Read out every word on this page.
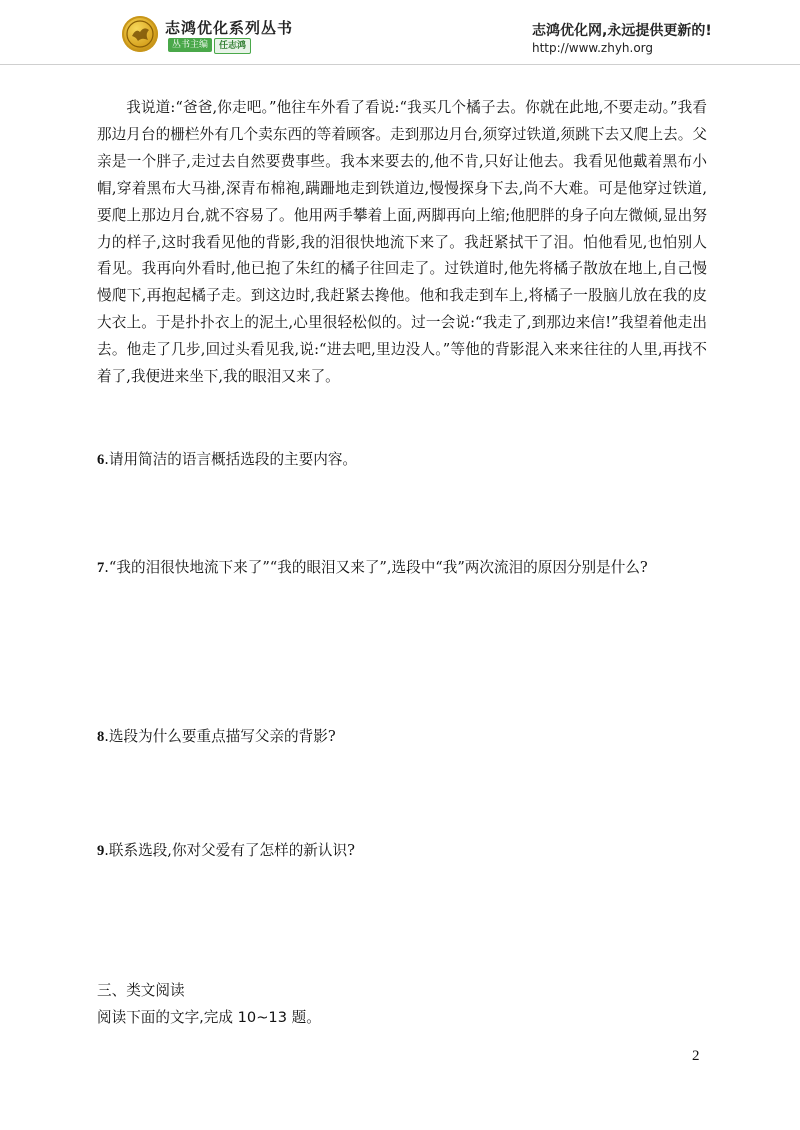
志鸿优化系列丛书
丛书主编 任志鸿
志鸿优化网,永远提供更新的!
http://www.zhyh.org

我说道:“爸爸,你走吧。”他往车外看了看说:“我买几个橘子去。你就在此地,不要走动。”我看那边月台的栅栏外有几个卖东西的等着顾客。走到那边月台,须穿过铁道,须跳下去又爬上去。父亲是一个胖子,走过去自然要费事些。我本来要去的,他不肯,只好让他去。我看见他戴着黑布小帽,穿着黑布大马褂,深青布棉袍,蹒跚地走到铁道边,慢慢探身下去,尚不大难。可是他穿过铁道,要爬上那边月台,就不容易了。他用两手攀着上面,两脚再向上缩;他肥胖的身子向左微倾,显出努力的样子,这时我看见他的背影,我的泪很快地流下来了。我赶紧拭干了泪。怕他看见,也怕别人看见。我再向外看时,他已抱了朱红的橘子往回走了。过铁道时,他先将橘子散放在地上,自己慢慢爬下,再抱起橘子走。到这边时,我赶紧去搀他。他和我走到车上,将橘子一股脑儿放在我的皮大衣上。于是扑扑衣上的泥土,心里很轻松似的。过一会说:“我走了,到那边来信!”我望着他走出去。他走了几步,回过头看见我,说:“进去吧,里边没人。”等他的背影混入来来往往的人里,再找不着了,我便进来坐下,我的眼泪又来了。

6.请用简洁的语言概括选段的主要内容。
7.“我的泪很快地流下来了”“我的眼泪又来了”,选段中“我”两次流泪的原因分别是什么?
8.选段为什么要重点描写父亲的背影?
9.联系选段,你对父爱有了怎样的新认识?
三、类文阅读
阅读下面的文字,完成 10~13 题。
2
